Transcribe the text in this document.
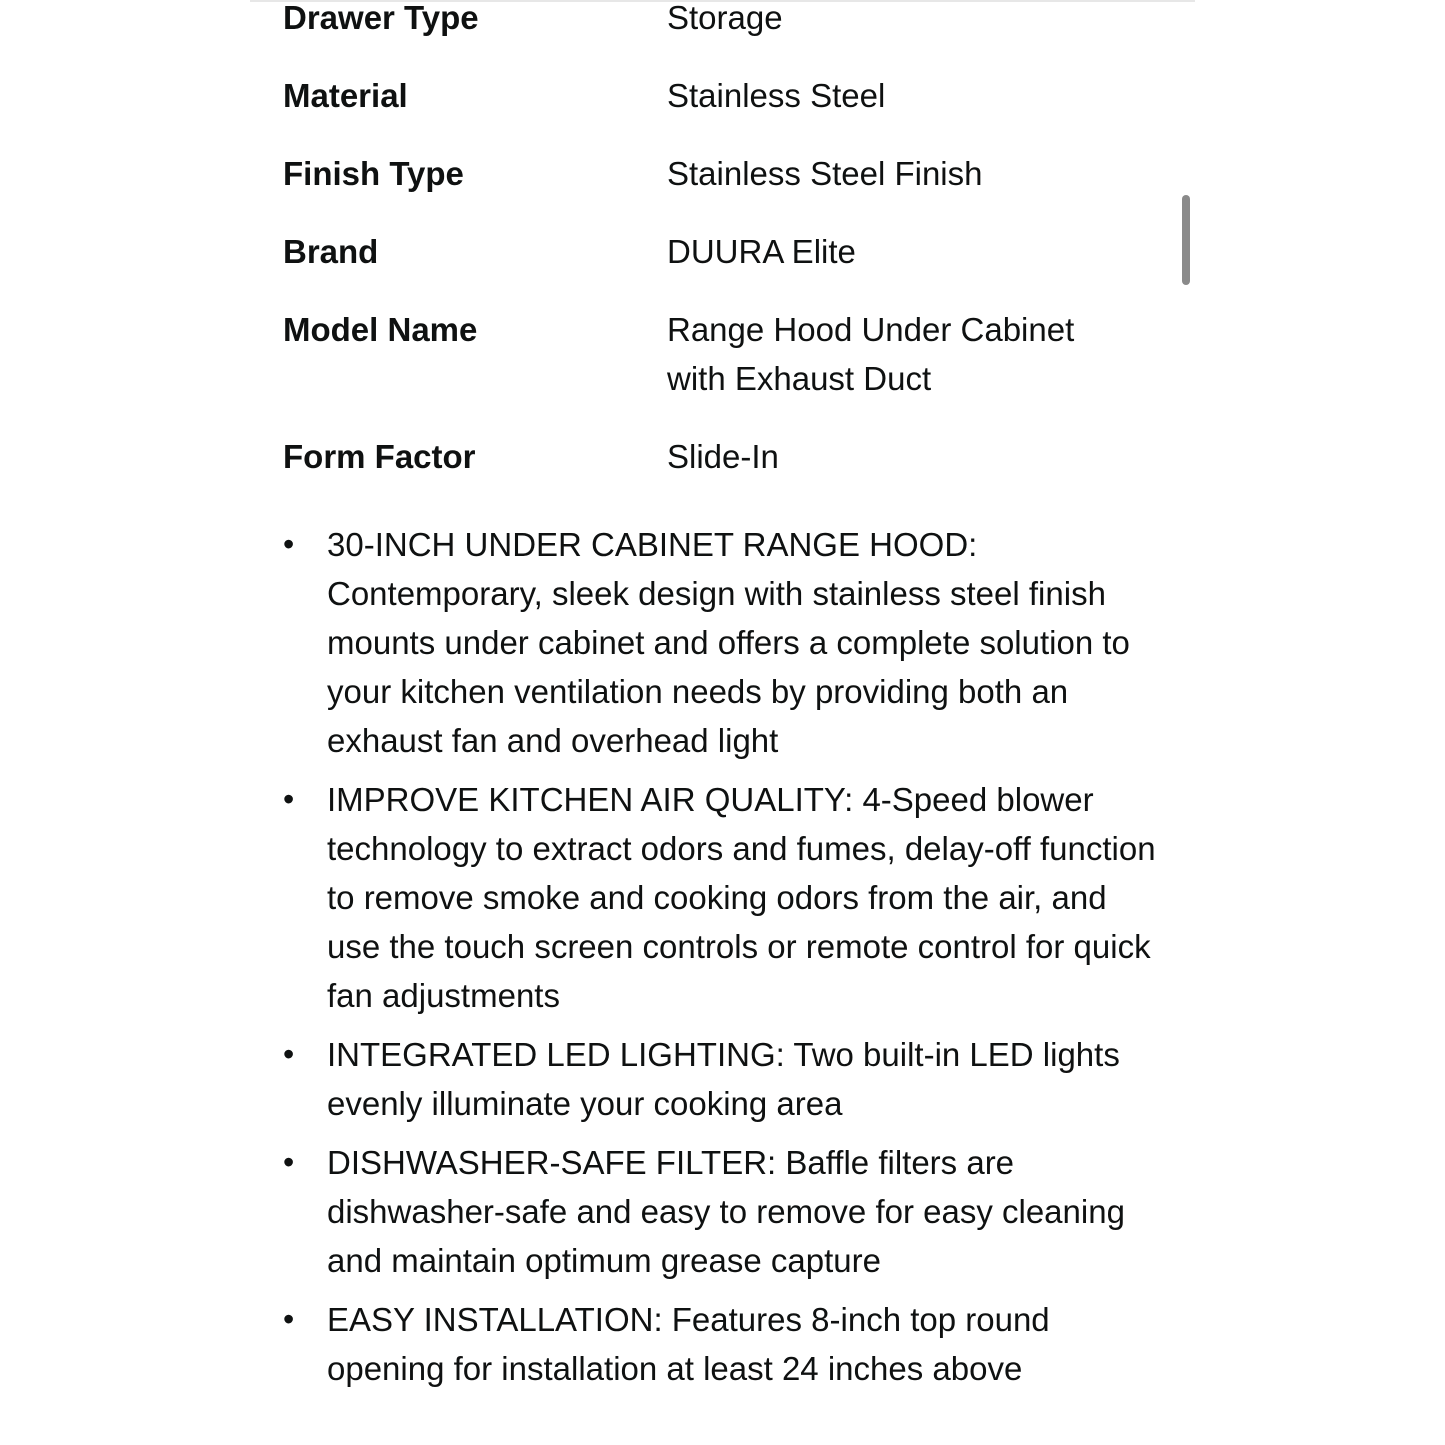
Drawer Type	Storage
Material	Stainless Steel
Finish Type	Stainless Steel Finish
Brand	DUURA Elite
Model Name	Range Hood Under Cabinet with Exhaust Duct
Form Factor	Slide-In
• 30-INCH UNDER CABINET RANGE HOOD: Contemporary, sleek design with stainless steel finish mounts under cabinet and offers a complete solution to your kitchen ventilation needs by providing both an exhaust fan and overhead light
• IMPROVE KITCHEN AIR QUALITY: 4-Speed blower technology to extract odors and fumes, delay-off function to remove smoke and cooking odors from the air, and use the touch screen controls or remote control for quick fan adjustments
• INTEGRATED LED LIGHTING: Two built-in LED lights evenly illuminate your cooking area
• DISHWASHER-SAFE FILTER: Baffle filters are dishwasher-safe and easy to remove for easy cleaning and maintain optimum grease capture
• EASY INSTALLATION: Features 8-inch top round opening for installation at least 24 inches above
